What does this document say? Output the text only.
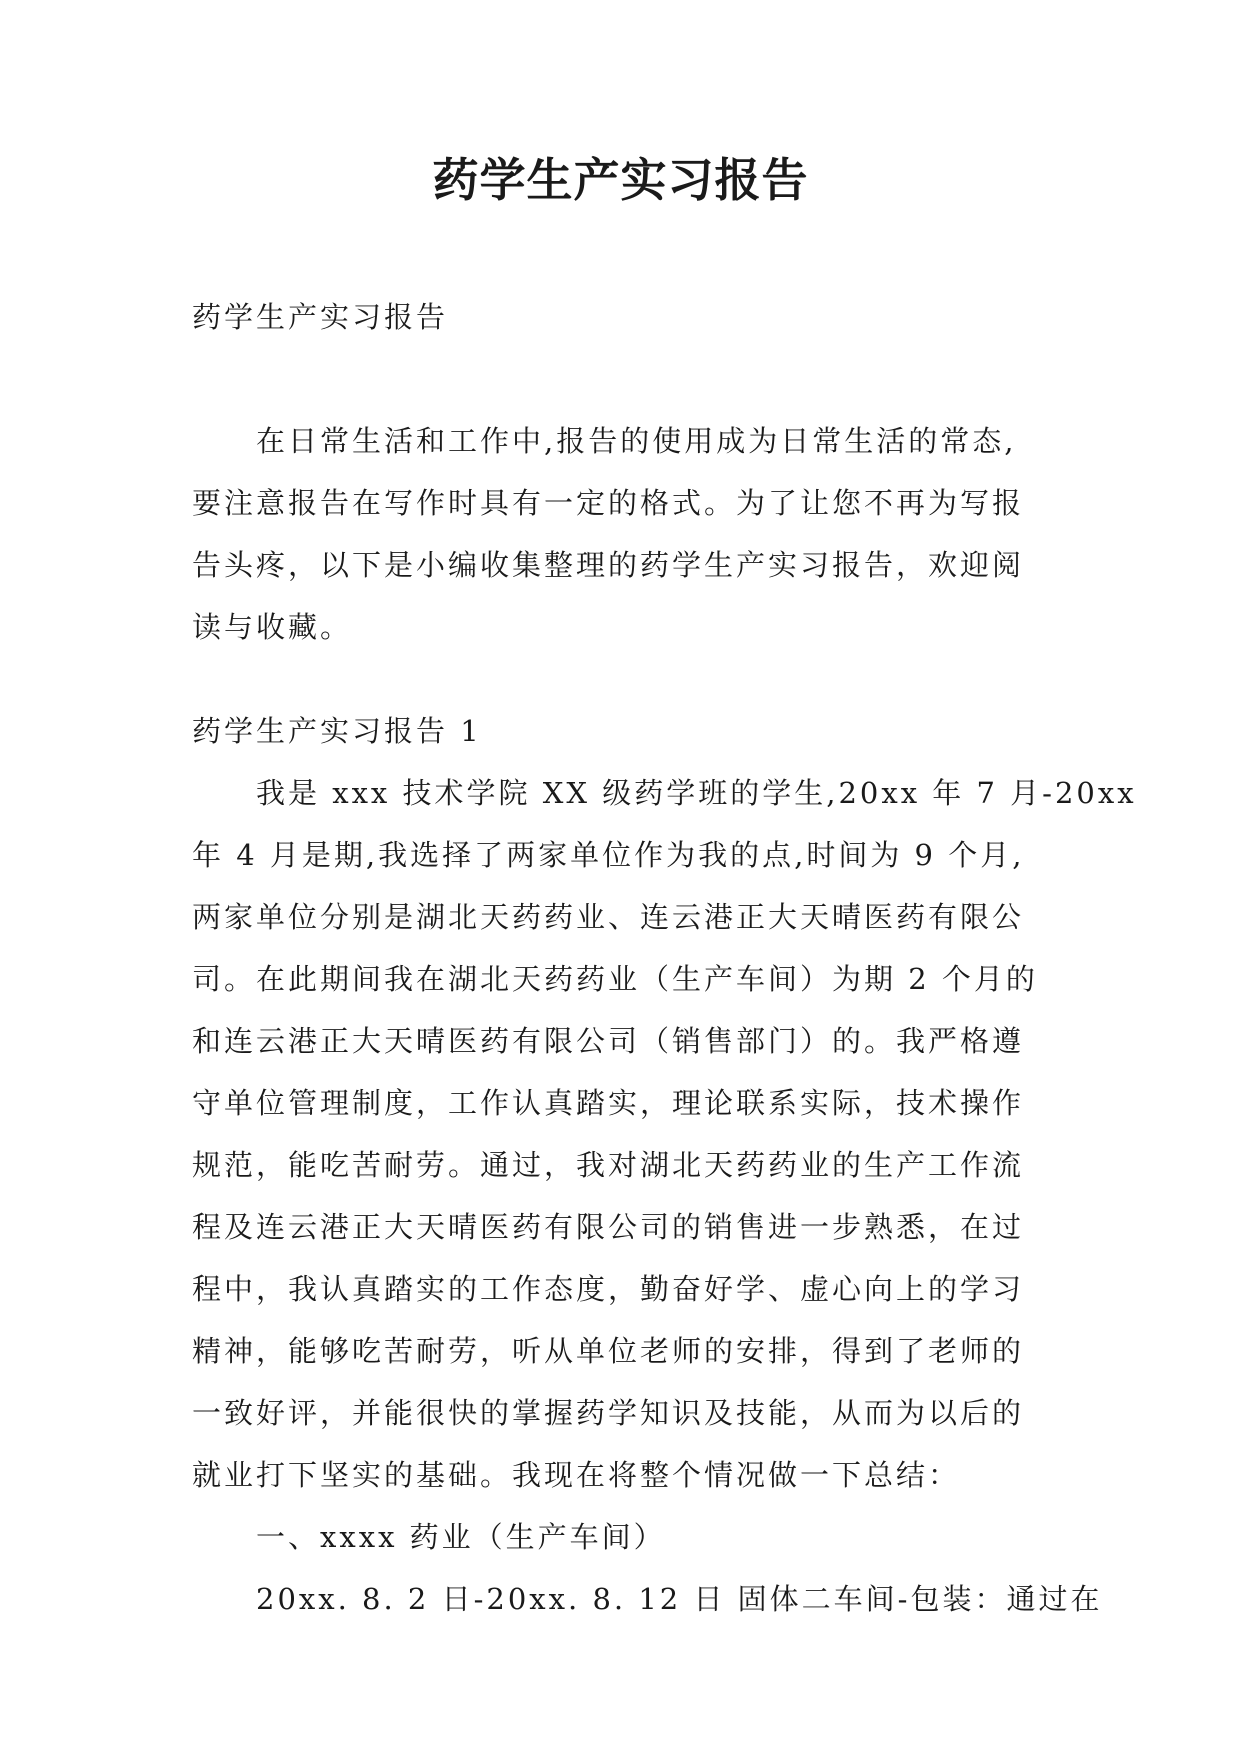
药学生产实习报告
药学生产实习报告
在日常生活和工作中,报告的使用成为日常生活的常态,
要注意报告在写作时具有一定的格式。为了让您不再为写报
告头疼，以下是小编收集整理的药学生产实习报告，欢迎阅
读与收藏。
药学生产实习报告 1
我是 xxx 技术学院 XX 级药学班的学生,20xx 年 7 月-20xx
年 4 月是期,我选择了两家单位作为我的点,时间为 9 个月,
两家单位分别是湖北天药药业、连云港正大天晴医药有限公
司。在此期间我在湖北天药药业（生产车间）为期 2 个月的
和连云港正大天晴医药有限公司（销售部门）的。我严格遵
守单位管理制度，工作认真踏实，理论联系实际，技术操作
规范，能吃苦耐劳。通过，我对湖北天药药业的生产工作流
程及连云港正大天晴医药有限公司的销售进一步熟悉，在过
程中，我认真踏实的工作态度，勤奋好学、虚心向上的学习
精神，能够吃苦耐劳，听从单位老师的安排，得到了老师的
一致好评，并能很快的掌握药学知识及技能，从而为以后的
就业打下坚实的基础。我现在将整个情况做一下总结：
一、xxxx 药业（生产车间）
20xx. 8. 2 日-20xx. 8. 12 日 固体二车间-包装：通过在
